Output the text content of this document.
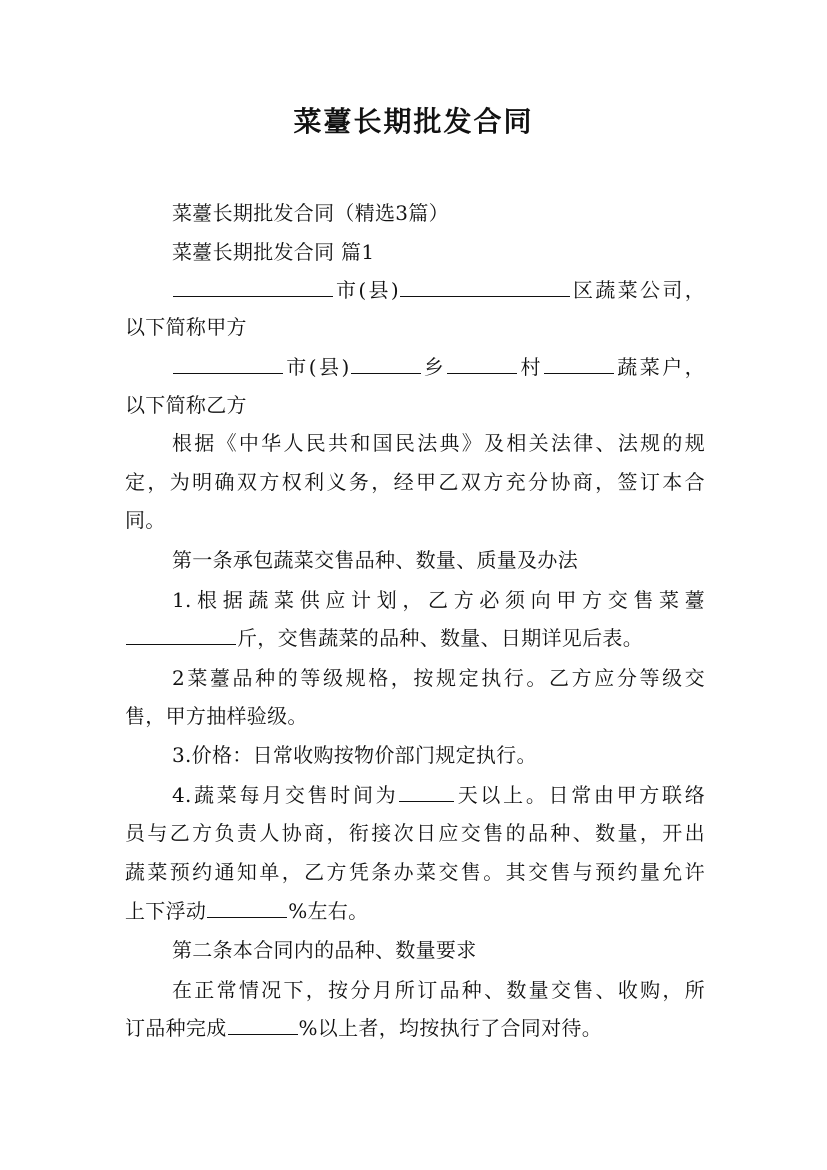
菜薹长期批发合同
菜薹长期批发合同（精选3篇）
菜薹长期批发合同 篇1
市(县)	区蔬菜公司，
以下简称甲方
市(县)	乡	村	蔬菜户，
以下简称乙方
根据《中华人民共和国民法典》及相关法律、法规的规
定，为明确双方权利义务，经甲乙双方充分协商，签订本合
同。
第一条承包蔬菜交售品种、数量、质量及办法
1.根据蔬菜供应计划，乙方必须向甲方交售菜薹
斤，交售蔬菜的品种、数量、日期详见后表。
2菜薹品种的等级规格，按规定执行。乙方应分等级交
售，甲方抽样验级。
3.价格：日常收购按物价部门规定执行。
4.蔬菜每月交售时间为	天以上。日常由甲方联络
员与乙方负责人协商，衔接次日应交售的品种、数量，开出
蔬菜预约通知单，乙方凭条办菜交售。其交售与预约量允许
上下浮动	%左右。
第二条本合同内的品种、数量要求
在正常情况下，按分月所订品种、数量交售、收购，所
订品种完成	%以上者，均按执行了合同对待。
